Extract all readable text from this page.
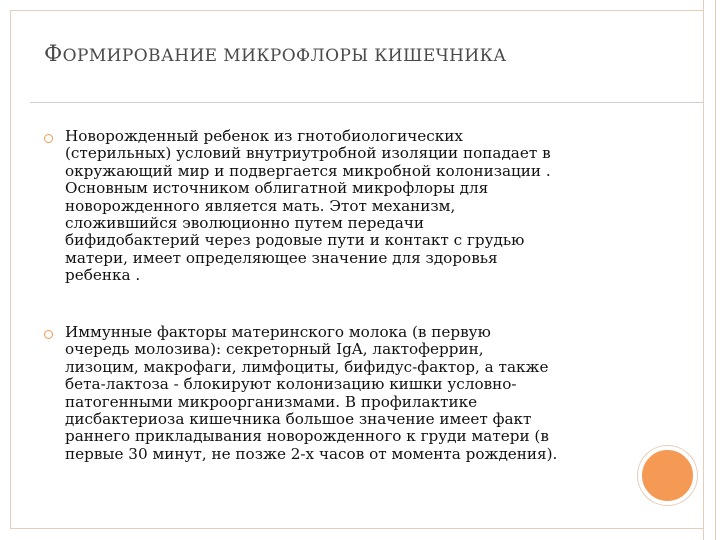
ФОРМИРОВАНИЕ МИКРОФЛОРЫ КИШЕЧНИКА

Новорожденный ребенок из гнотобиологических
(стерильных) условий внутриутробной изоляции попадает в
окружающий мир и подвергается микробной колонизации .
Основным источником облигатной микрофлоры для
новорожденного является мать. Этот механизм,
сложившийся эволюционно путем передачи
бифидобактерий через родовые пути и контакт с грудью
матери, имеет определяющее значение для здоровья
ребенка .

Иммунные факторы материнского молока (в первую
очередь молозива): секреторный IgA, лактоферрин,
лизоцим, макрофаги, лимфоциты, бифидус-фактор, а также
бета-лактоза - блокируют колонизацию кишки условно-
патогенными микроорганизмами. В профилактике
дисбактериоза кишечника большое значение имеет факт
раннего прикладывания новорожденного к груди матери (в
первые 30 минут, не позже 2-х часов от момента рождения).
